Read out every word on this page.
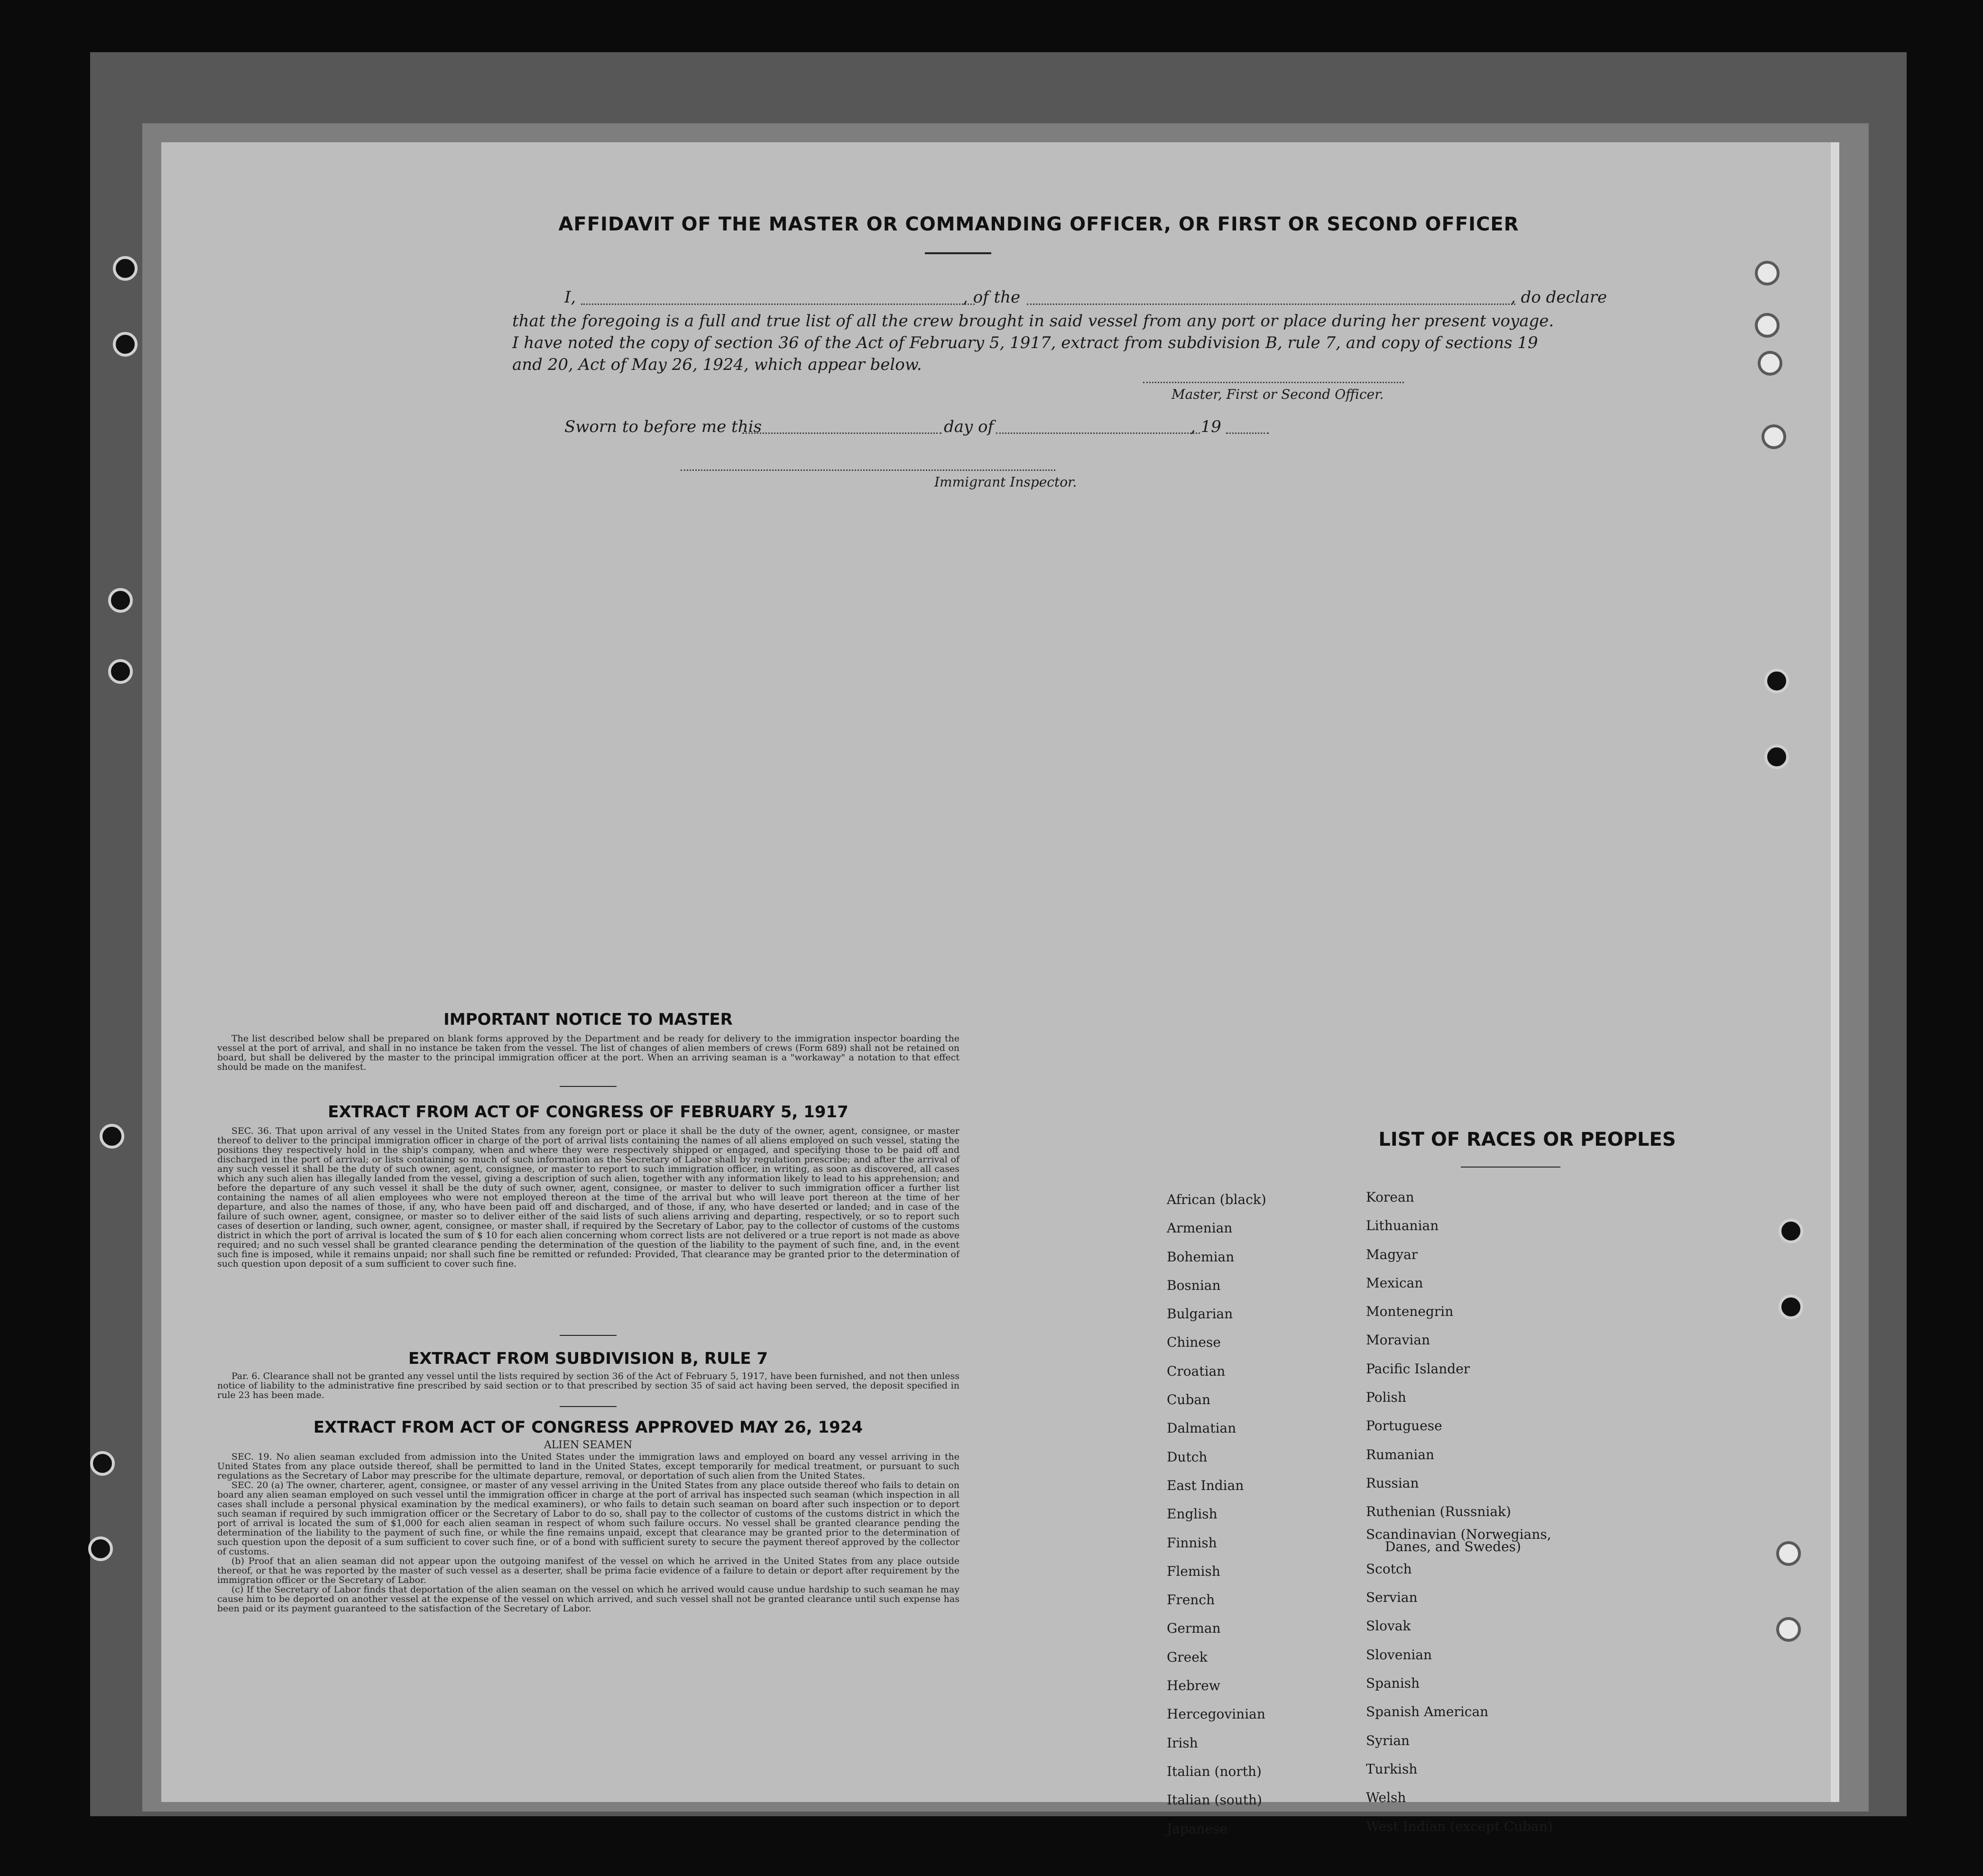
AFFIDAVIT OF THE MASTER OR COMMANDING OFFICER, OR FIRST OR SECOND OFFICER
I,	, of the	, do declare
that the foregoing is a full and true list of all the crew brought in said vessel from any port or place during her present voyage.
I have noted the copy of section 36 of the Act of February 5, 1917, extract from subdivision B, rule 7, and copy of sections 19
and 20, Act of May 26, 1924, which appear below.
Master, First or Second Officer.
Sworn to before me this	day of	, 19
Immigrant Inspector.
IMPORTANT NOTICE TO MASTER

The list described below shall be prepared on blank forms approved by the Department and be ready for delivery to the immigration inspector boarding the vessel at the port of arrival, and shall in no instance be taken from the vessel. The list of changes of alien members of crews (Form 689) shall not be retained on board, but shall be delivered by the master to the principal immigration officer at the port. When an arriving seaman is a "workaway" a notation to that effect should be made on the manifest.

EXTRACT FROM ACT OF CONGRESS OF FEBRUARY 5, 1917

SEC. 36. That upon arrival of any vessel in the United States from any foreign port or place it shall be the duty of the owner, agent, consignee, or master thereof to deliver to the principal immigration officer in charge of the port of arrival lists containing the names of all aliens employed on such vessel, stating the positions they respectively hold in the ship's company, when and where they were respectively shipped or engaged, and specifying those to be paid off and discharged in the port of arrival; or lists containing so much of such information as the Secretary of Labor shall by regulation prescribe; and after the arrival of any such vessel it shall be the duty of such owner, agent, consignee, or master to report to such immigration officer, in writing, as soon as discovered, all cases which any such alien has illegally landed from the vessel, giving a description of such alien, together with any information likely to lead to his apprehension; and before the departure of any such vessel it shall be the duty of such owner, agent, consignee, or master to deliver to such immigration officer a further list containing the names of all alien employees who were not employed thereon at the time of the arrival but who will leave port thereon at the time of her departure, and also the names of those, if any, who have been paid off and discharged, and of those, if any, who have deserted or landed; and in case of the failure of such owner, agent, consignee, or master so to deliver either of the said lists of such aliens arriving and departing, respectively, or so to report such cases of desertion or landing, such owner, agent, consignee, or master shall, if required by the Secretary of Labor, pay to the collector of customs of the customs district in which the port of arrival is located the sum of $ 10 for each alien concerning whom correct lists are not delivered or a true report is not made as above required; and no such vessel shall be granted clearance pending the determination of the question of the liability to the payment of such fine, and, in the event such fine is imposed, while it remains unpaid; nor shall such fine be remitted or refunded: Provided, That clearance may be granted prior to the determination of such question upon deposit of a sum sufficient to cover such fine.

EXTRACT FROM SUBDIVISION B, RULE 7

Par. 6. Clearance shall not be granted any vessel until the lists required by section 36 of the Act of February 5, 1917, have been furnished, and not then unless notice of liability to the administrative fine prescribed by said section or to that prescribed by section 35 of said act having been served, the deposit specified in rule 23 has been made.

EXTRACT FROM ACT OF CONGRESS APPROVED MAY 26, 1924
ALIEN SEAMEN

SEC. 19. No alien seaman excluded from admission into the United States under the immigration laws and employed on board any vessel arriving in the United States from any place outside thereof, shall be permitted to land in the United States, except temporarily for medical treatment, or pursuant to such regulations as the Secretary of Labor may prescribe for the ultimate departure, removal, or deportation of such alien from the United States.

SEC. 20 (a) The owner, charterer, agent, consignee, or master of any vessel arriving in the United States from any place outside thereof who fails to detain on board any alien seaman employed on such vessel until the immigration officer in charge at the port of arrival has inspected such seaman (which inspection in all cases shall include a personal physical examination by the medical examiners), or who fails to detain such seaman on board after such inspection or to deport such seaman if required by such immigration officer or the Secretary of Labor to do so, shall pay to the collector of customs of the customs district in which the port of arrival is located the sum of $1,000 for each alien seaman in respect of whom such failure occurs. No vessel shall be granted clearance pending the determination of the liability to the payment of such fine, or while the fine remains unpaid, except that clearance may be granted prior to the determination of such question upon the deposit of a sum sufficient to cover such fine, or of a bond with sufficient surety to secure the payment thereof approved by the collector of customs.

(b) Proof that an alien seaman did not appear upon the outgoing manifest of the vessel on which he arrived in the United States from any place outside thereof, or that he was reported by the master of such vessel as a deserter, shall be prima facie evidence of a failure to detain or deport after requirement by the immigration officer or the Secretary of Labor.

(c) If the Secretary of Labor finds that deportation of the alien seaman on the vessel on which he arrived would cause undue hardship to such seaman he may cause him to be deported on another vessel at the expense of the vessel on which arrived, and such vessel shall not be granted clearance until such expense has been paid or its payment guaranteed to the satisfaction of the Secretary of Labor.

LIST OF RACES OR PEOPLES
African (black)
Armenian
Bohemian
Bosnian
Bulgarian
Chinese
Croatian
Cuban
Dalmatian
Dutch
East Indian
English
Finnish
Flemish
French
German
Greek
Hebrew
Hercegovinian
Irish
Italian (north)
Italian (south)
Japanese
Korean
Lithuanian
Magyar
Mexican
Montenegrin
Moravian
Pacific Islander
Polish
Portuguese
Rumanian
Russian
Ruthenian (Russniak)
Scandinavian (Norwegians,
Danes, and Swedes)
Scotch
Servian
Slovak
Slovenian
Spanish
Spanish American
Syrian
Turkish
Welsh
West Indian (except Cuban)
